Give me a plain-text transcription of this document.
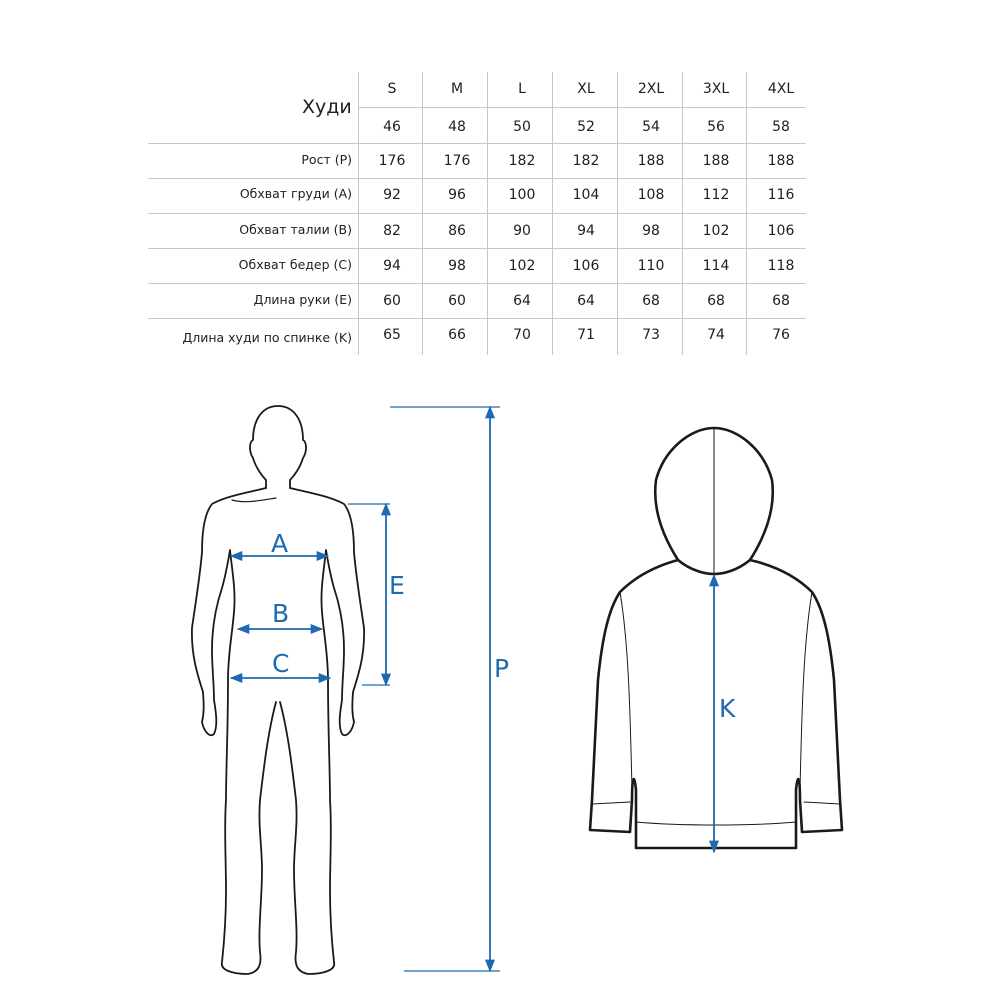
Худи
S	M	L	XL	2XL	3XL	4XL
46	48	50	52	54	56	58
Рост (P)	176	176	182	182	188	188	188
Обхват груди (A)	92	96	100	104	108	112	116
Обхват талии (B)	82	86	90	94	98	102	106
Обхват бедер (C)	94	98	102	106	110	114	118
Длина руки (E)	60	60	64	64	68	68	68
Длина худи по спинке (K)	65	66	70	71	73	74	76
A
B
C
E
P
K
